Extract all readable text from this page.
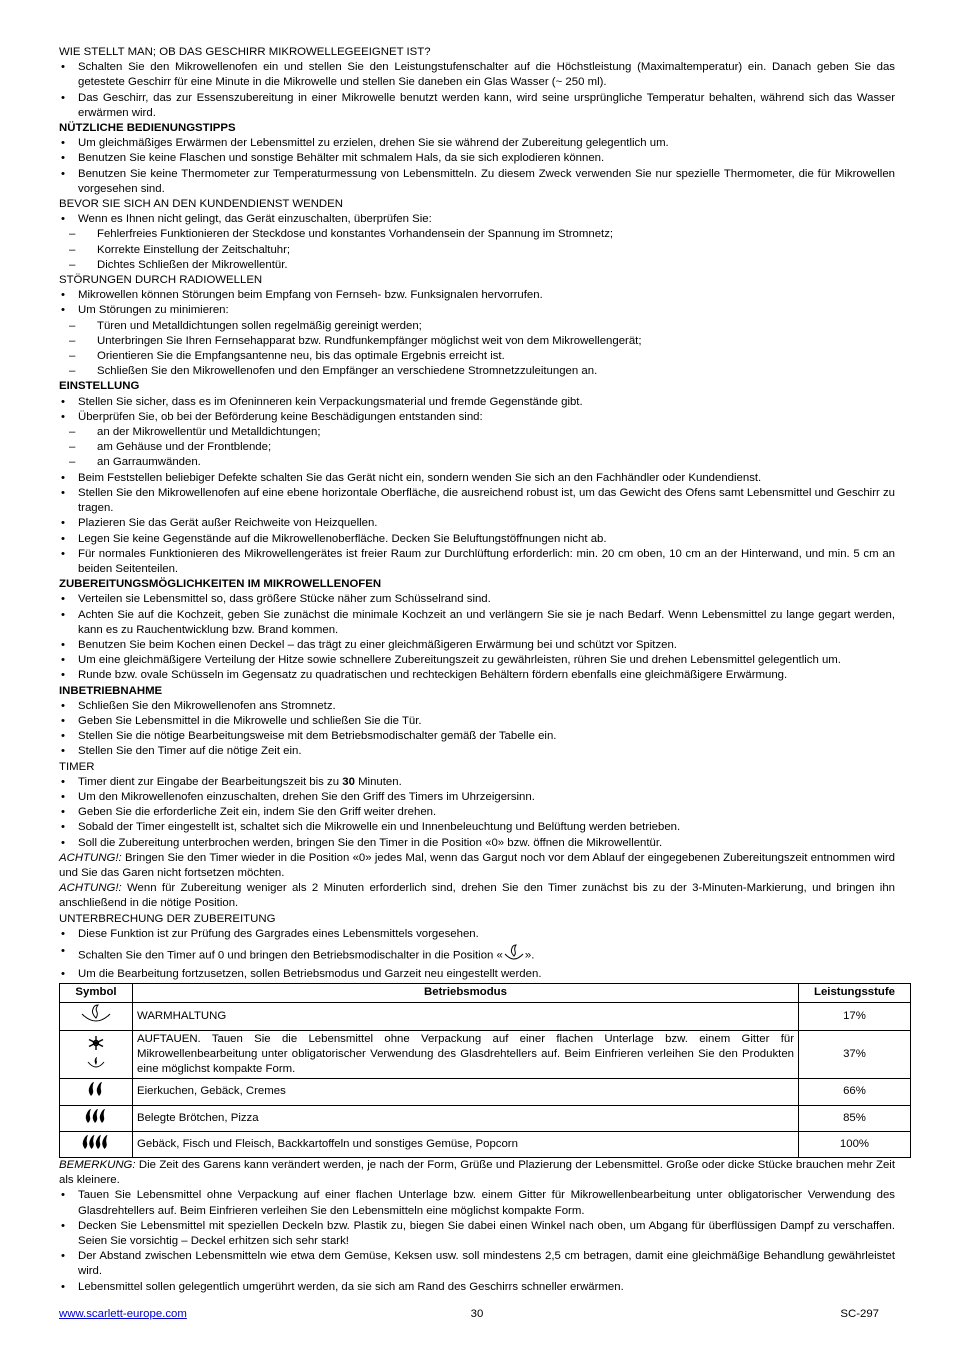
WIE STELLT MAN; OB DAS GESCHIRR MIKROWELLEGEEIGNET IST?

• Schalten Sie den Mikrowellenofen ein und stellen Sie den Leistungstufenschalter auf die Höchstleistung (Maximaltemperatur) ein. Danach geben Sie das getestete Geschirr für eine Minute in die Mikrowelle und stellen Sie daneben ein Glas Wasser (~ 250 ml).
• Das Geschirr, das zur Essenszubereitung in einer Mikrowelle benutzt werden kann, wird seine ursprüngliche Temperatur behalten, während sich das Wasser erwärmen wird.

NÜTZLICHE BEDIENUNGSTIPPS

• Um gleichmäßiges Erwärmen der Lebensmittel zu erzielen, drehen Sie sie während der Zubereitung gelegentlich um.
• Benutzen Sie keine Flaschen und sonstige Behälter mit schmalem Hals, da sie sich explodieren können.
• Benutzen Sie keine Thermometer zur Temperaturmessung von Lebensmitteln. Zu diesem Zweck verwenden Sie nur spezielle Thermometer, die für Mikrowellen vorgesehen sind.

BEVOR SIE SICH AN DEN KUNDENDIENST WENDEN

• Wenn es Ihnen nicht gelingt, das Gerät einzuschalten, überprüfen Sie:
– Fehlerfreies Funktionieren der Steckdose und konstantes Vorhandensein der Spannung im Stromnetz;
– Korrekte Einstellung der Zeitschaltuhr;
– Dichtes Schließen der Mikrowellentür.

STÖRUNGEN DURCH RADIOWELLEN

• Mikrowellen können Störungen beim Empfang von Fernseh- bzw. Funksignalen hervorrufen.
• Um Störungen zu minimieren:
– Türen und Metalldichtungen sollen regelmäßig gereinigt werden;
– Unterbringen Sie Ihren Fernsehapparat bzw. Rundfunkempfänger möglichst weit von dem Mikrowellengerät;
– Orientieren Sie die Empfangsantenne neu, bis das optimale Ergebnis erreicht ist.
– Schließen Sie den Mikrowellenofen und den Empfänger an verschiedene Stromnetzzuleitungen an.

EINSTELLUNG

• Stellen Sie sicher, dass es im Ofeninneren kein Verpackungsmaterial und fremde Gegenstände gibt.
• Überprüfen Sie, ob bei der Beförderung keine Beschädigungen entstanden sind:
– an der Mikrowellentür und Metalldichtungen;
– am Gehäuse und der Frontblende;
– an Garraumwänden.
• Beim Feststellen beliebiger Defekte schalten Sie das Gerät nicht ein, sondern wenden Sie sich an den Fachhändler oder Kundendienst.
• Stellen Sie den Mikrowellenofen auf eine ebene horizontale Oberfläche, die ausreichend robust ist, um das Gewicht des Ofens samt Lebensmittel und Geschirr zu tragen.
• Plazieren Sie das Gerät außer Reichweite von Heizquellen.
• Legen Sie keine Gegenstände auf die Mikrowellenoberfläche. Decken Sie Beluftungstöffnungen nicht ab.
• Für normales Funktionieren des Mikrowellengerätes ist freier Raum zur Durchlüftung erforderlich: min. 20 cm oben, 10 cm an der Hinterwand, und min. 5 cm an beiden Seitenteilen.

ZUBEREITUNGSMÖGLICHKEITEN IM MIKROWELLENOFEN

• Verteilen sie Lebensmittel so, dass größere Stücke näher zum Schüsselrand sind.
• Achten Sie auf die Kochzeit, geben Sie zunächst die minimale Kochzeit an und verlängern Sie sie je nach Bedarf. Wenn Lebensmittel zu lange gegart werden, kann es zu Rauchentwicklung bzw. Brand kommen.
• Benutzen Sie beim Kochen einen Deckel – das trägt zu einer gleichmäßigeren Erwärmung bei und schützt vor Spitzen.
• Um eine gleichmäßigere Verteilung der Hitze sowie schnellere Zubereitungszeit zu gewährleisten, rühren Sie und drehen Lebensmittel gelegentlich um.
• Runde bzw. ovale Schüsseln im Gegensatz zu quadratischen und rechteckigen Behältern fördern ebenfalls eine gleichmäßigere Erwärmung.

INBETRIEBNAHME

• Schließen Sie den Mikrowellenofen ans Stromnetz.
• Geben Sie Lebensmittel in die Mikrowelle und schließen Sie die Tür.
• Stellen Sie die nötige Bearbeitungsweise mit dem Betriebsmodischalter gemäß der Tabelle ein.
• Stellen Sie den Timer auf die nötige Zeit ein.

TIMER

• Timer dient zur Eingabe der Bearbeitungszeit bis zu 30 Minuten.
• Um den Mikrowellenofen einzuschalten, drehen Sie den Griff des Timers im Uhrzeigersinn.
• Geben Sie die erforderliche Zeit ein, indem Sie den Griff weiter drehen.
• Sobald der Timer eingestellt ist, schaltet sich die Mikrowelle ein und Innenbeleuchtung und Belüftung werden betrieben.
• Soll die Zubereitung unterbrochen werden, bringen Sie den Timer in die Position «0» bzw. öffnen die Mikrowellentür.

ACHTUNG!: Bringen Sie den Timer wieder in die Position «0» jedes Mal, wenn das Gargut noch vor dem Ablauf der eingegebenen Zubereitungszeit entnommen wird und Sie das Garen nicht fortsetzen möchten.

ACHTUNG!: Wenn für Zubereitung weniger als 2 Minuten erforderlich sind, drehen Sie den Timer zunächst bis zu der 3-Minuten-Markierung, und bringen ihn anschließend in die nötige Position.

UNTERBRECHUNG DER ZUBEREITUNG

• Diese Funktion ist zur Prüfung des Gargrades eines Lebensmittels vorgesehen.
• Schalten Sie den Timer auf 0 und bringen den Betriebsmodischalter in die Position « ».
• Um die Bearbeitung fortzusetzen, sollen Betriebsmodus und Garzeit neu eingestellt werden.
Symbol	Betriebsmodus	Leistungsstufe
	WARMHALTUNG	17%
	AUFTAUEN. Tauen Sie die Lebensmittel ohne Verpackung auf einer flachen Unterlage bzw. einem Gitter für Mikrowellenbearbeitung unter obligatorischer Verwendung des Glasdrehtellers auf. Beim Einfrieren verleihen Sie den Produkten eine möglichst kompakte Form.	37%
	Eierkuchen, Gebäck, Cremes	66%
	Belegte Brötchen, Pizza	85%
	Gebäck, Fisch und Fleisch, Backkartoffeln und sonstiges Gemüse, Popcorn	100%

BEMERKUNG: Die Zeit des Garens kann verändert werden, je nach der Form, Grüße und Plazierung der Lebensmittel. Große oder dicke Stücke brauchen mehr Zeit als kleinere.

• Tauen Sie Lebensmittel ohne Verpackung auf einer flachen Unterlage bzw. einem Gitter für Mikrowellenbearbeitung unter obligatorischer Verwendung des Glasdrehtellers auf. Beim Einfrieren verleihen Sie den Lebensmitteln eine möglichst kompakte Form.
• Decken Sie Lebensmittel mit speziellen Deckeln bzw. Plastik zu, biegen Sie dabei einen Winkel nach oben, um Abgang für überflüssigen Dampf zu verschaffen. Seien Sie vorsichtig – Deckel erhitzen sich sehr stark!
• Der Abstand zwischen Lebensmitteln wie etwa dem Gemüse, Keksen usw. soll mindestens 2,5 cm betragen, damit eine gleichmäßige Behandlung gewährleistet wird.
• Lebensmittel sollen gelegentlich umgerührt werden, da sie sich am Rand des Geschirrs schneller erwärmen.
www.scarlett-europe.com	30	SC-297
